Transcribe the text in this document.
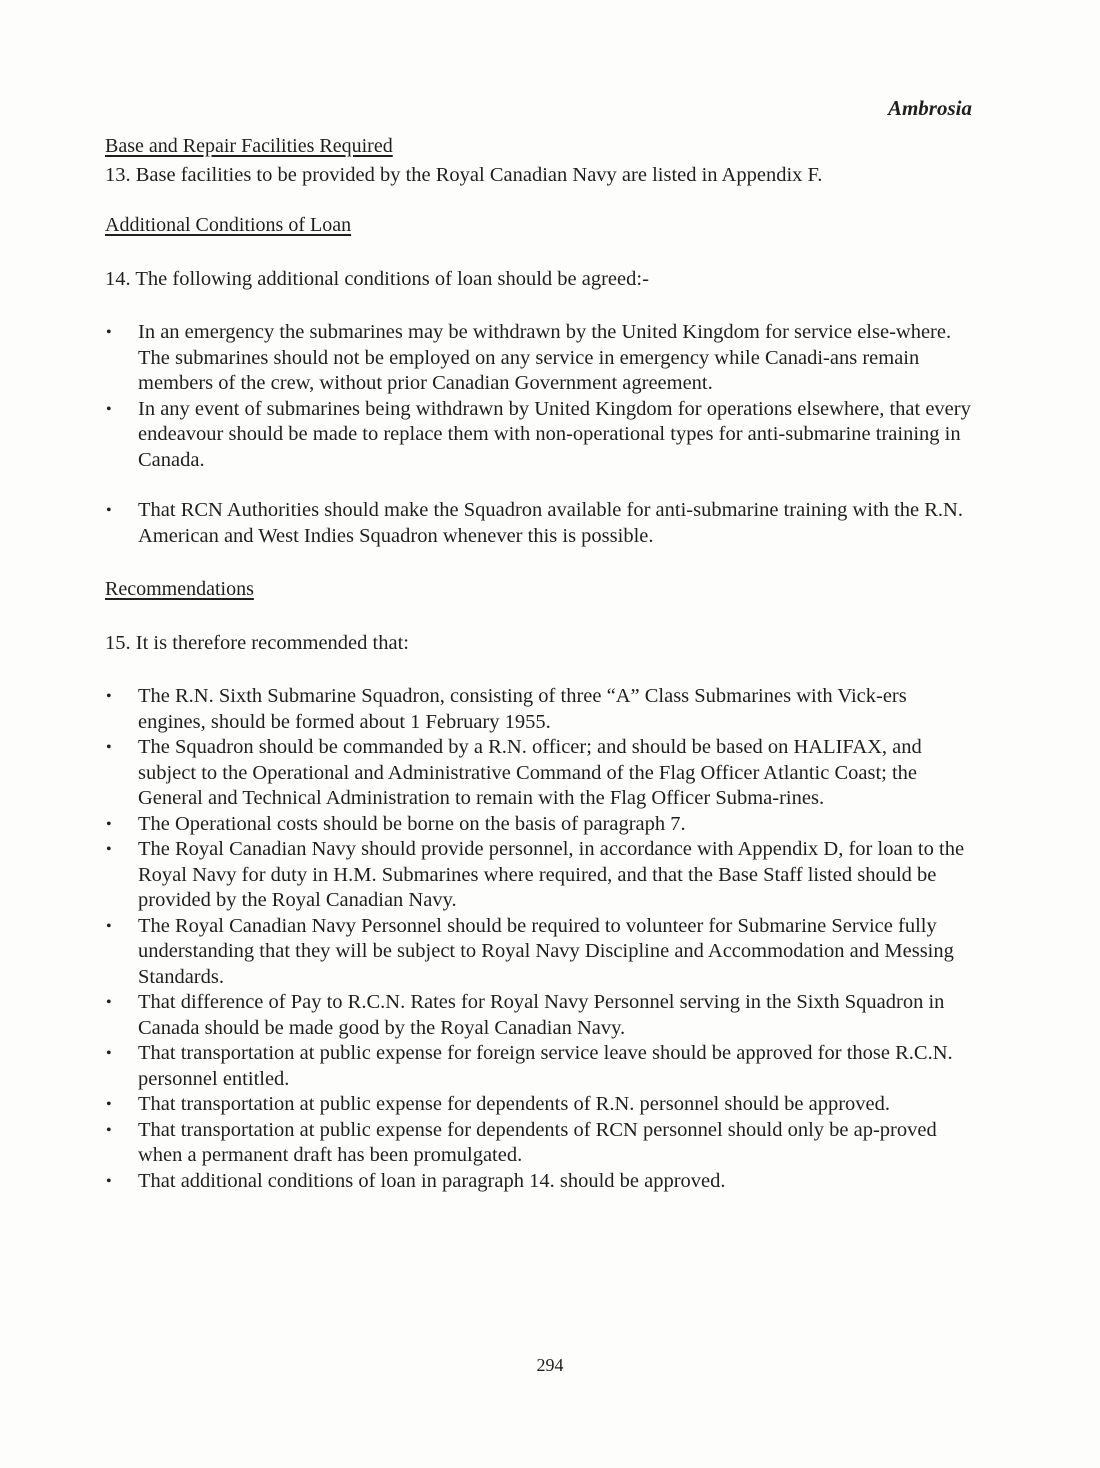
Ambrosia
Base and Repair Facilities Required
13. Base facilities to be provided by the Royal Canadian Navy are listed in Appendix F.
Additional Conditions of Loan
14. The following additional conditions of loan should be agreed:-
• In an emergency the submarines may be withdrawn by the United Kingdom for service else-where. The submarines should not be employed on any service in emergency while Canadi-ans remain members of the crew, without prior Canadian Government agreement.
• In any event of submarines being withdrawn by United Kingdom for operations elsewhere, that every endeavour should be made to replace them with non-operational types for anti-submarine training in Canada.
• That RCN Authorities should make the Squadron available for anti-submarine training with the R.N. American and West Indies Squadron whenever this is possible.
Recommendations
15. It is therefore recommended that:
• The R.N. Sixth Submarine Squadron, consisting of three “A” Class Submarines with Vick-ers engines, should be formed about 1 February 1955.
• The Squadron should be commanded by a R.N. officer; and should be based on HALIFAX, and subject to the Operational and Administrative Command of the Flag Officer Atlantic Coast; the General and Technical Administration to remain with the Flag Officer Subma-rines.
• The Operational costs should be borne on the basis of paragraph 7.
• The Royal Canadian Navy should provide personnel, in accordance with Appendix D, for loan to the Royal Navy for duty in H.M. Submarines where required, and that the Base Staff listed should be provided by the Royal Canadian Navy.
• The Royal Canadian Navy Personnel should be required to volunteer for Submarine Service fully understanding that they will be subject to Royal Navy Discipline and Accommodation and Messing Standards.
• That difference of Pay to R.C.N. Rates for Royal Navy Personnel serving in the Sixth Squadron in Canada should be made good by the Royal Canadian Navy.
• That transportation at public expense for foreign service leave should be approved for those R.C.N. personnel entitled.
• That transportation at public expense for dependents of R.N. personnel should be approved.
• That transportation at public expense for dependents of RCN personnel should only be ap-proved when a permanent draft has been promulgated.
• That additional conditions of loan in paragraph 14. should be approved.
294
